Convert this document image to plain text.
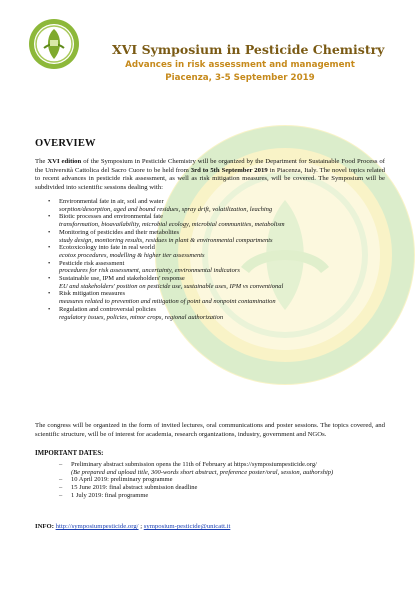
XVI Symposium in Pesticide Chemistry
Advances in risk assessment and management
Piacenza, 3-5 September 2019
OVERVIEW

The XVI edition of the Symposium in Pesticide Chemistry will be organized by the Department for Sustainable Food Process of the Università Cattolica del Sacro Cuore to be held from 3rd to 5th September 2019 in Piacenza, Italy. The novel topics related to recent advances in pesticide risk assessment, as well as risk mitigation measures, will be covered. The Symposium will be subdivided into scientific sessions dealing with:

• Environmental fate in air, soil and water
sorption/desorption, aged and bound residues, spray drift, volatilization, leaching
• Biotic processes and environmental fate
transformation, bioavailability, microbial ecology, microbial communities, metabolism
• Monitoring of pesticides and their metabolites
study design, monitoring results, residues in plant & environmental compartments
• Ecotoxicology into fate in real world
ecotox procedures, modelling & higher tier assessments
• Pesticide risk assessment
procedures for risk assessment, uncertainty, environmental indicators
• Sustainable use, IPM and stakeholders' response
EU and stakeholders' position on pesticide use, sustainable uses, IPM vs conventional
• Risk mitigation measures
measures related to prevention and mitigation of point and nonpoint contamination
• Regulation and controversial policies
regulatory issues, policies, minor crops, regional authorization

The congress will be organized in the form of invited lectures, oral communications and poster sessions. The topics covered, and scientific structure, will be of interest for academia, research organizations, industry, government and NGOs.

IMPORTANT DATES:
– Preliminary abstract submission opens the 11th of February at https://symposiumpesticide.org/
(Be prepared and upload title, 300-words short abstract, preference poster/oral, session, authorship)
– 10 April 2019: preliminary programme
– 15 June 2019: final abstract submission deadline
– 1 July 2019: final programme
INFO: http://symposiumpesticide.org/ ; symposium-pesticide@unicatt.it
